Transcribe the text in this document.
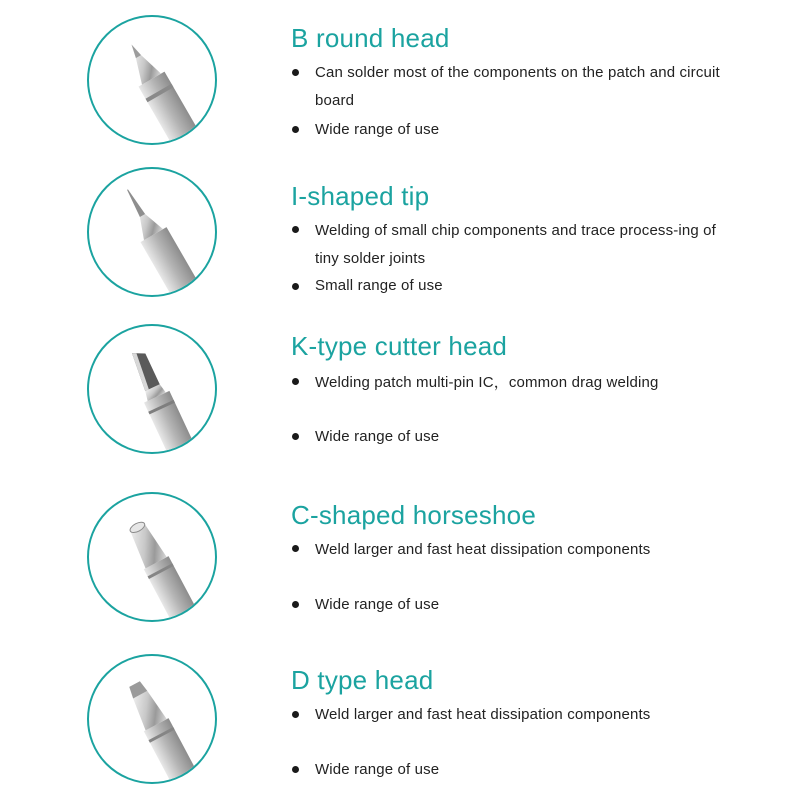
B round head
Can solder most of the components on the patch and circuit board
Wide range of use
I-shaped tip
Welding of small chip components and trace process-ing of tiny solder joints
Small range of use
K-type cutter head
Welding patch multi-pin IC，common drag welding
Wide range of use
C-shaped horseshoe
Weld larger and fast heat dissipation components
Wide range of use
D type head
Weld larger and fast heat dissipation components
Wide range of use
